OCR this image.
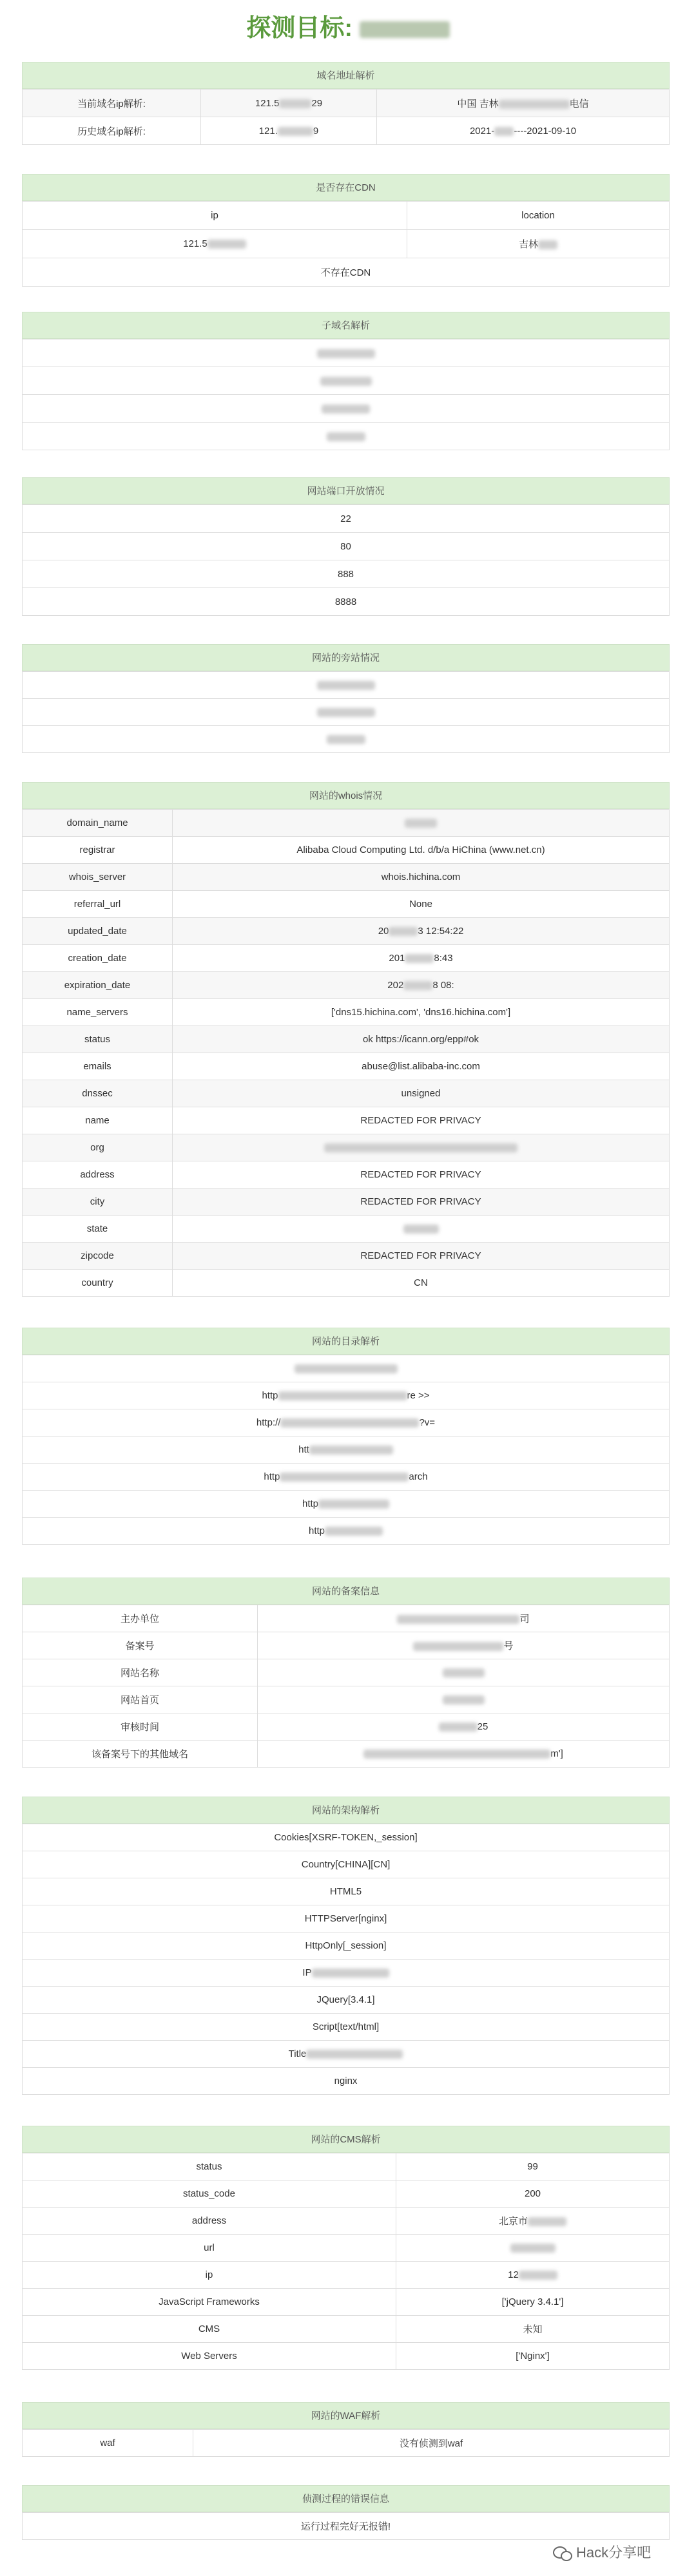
探测目标:
域名地址解析
当前域名ip解析:	121.5 29	中国 吉林 电信
历史域名ip解析:	121. 9	2021- ----2021-09-10
是否存在CDN
ip	location
121.5	吉林
不存在CDN	
子域名解析

网站端口开放情况
22
80
888
8888
网站的旁站情况

网站的whois情况
domain_name	
registrar	Alibaba Cloud Computing Ltd. d/b/a HiChina (www.net.cn)
whois_server	whois.hichina.com
referral_url	None
updated_date	20 3 12:54:22
creation_date	201 8:43
expiration_date	202 8 08:
name_servers	['dns15.hichina.com', 'dns16.hichina.com']
status	ok https://icann.org/epp#ok
emails	abuse@list.alibaba-inc.com
dnssec	unsigned
name	REDACTED FOR PRIVACY
org	
address	REDACTED FOR PRIVACY
city	REDACTED FOR PRIVACY
state	
zipcode	REDACTED FOR PRIVACY
country	CN
网站的目录解析

http	re >>
http://	?v=
htt
http	arch
http
http
网站的备案信息
主办单位	司
备案号	号
网站名称	
网站首页	
审核时间	25
该备案号下的其他域名	m']
网站的架构解析
Cookies[XSRF-TOKEN,_session]
Country[CHINA][CN]
HTML5
HTTPServer[nginx]
HttpOnly[_session]
IP
JQuery[3.4.1]
Script[text/html]
Title
nginx
网站的CMS解析
status	99
status_code	200
address	北京市
url	
ip	12
JavaScript Frameworks	['jQuery 3.4.1']
CMS	未知
Web Servers	['Nginx']
网站的WAF解析
waf	没有侦测到waf
侦测过程的错误信息
运行过程完好无报错!
Hack分享吧
